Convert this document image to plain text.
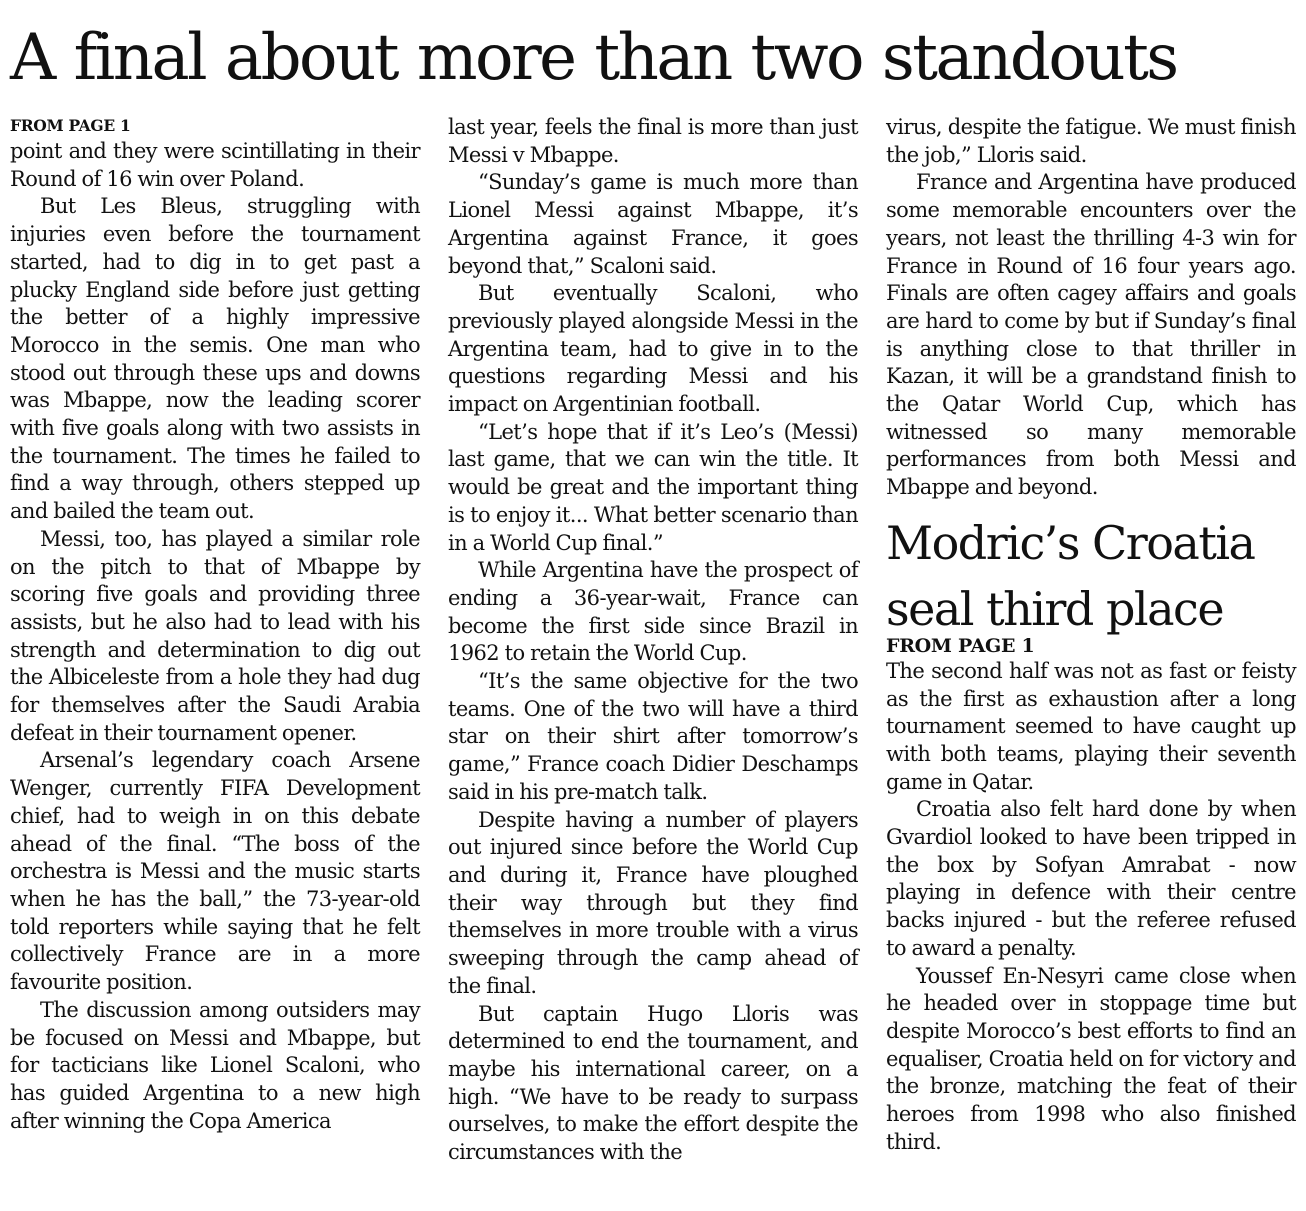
A final about more than two standouts
FROM PAGE 1

point and they were scintillating in their Round of 16 win over Poland.

But Les Bleus, struggling with injuries even before the tournament started, had to dig in to get past a plucky England side before just getting the better of a highly impressive Morocco in the semis. One man who stood out through these ups and downs was Mbappe, now the leading scorer with five goals along with two assists in the tournament. The times he failed to find a way through, others stepped up and bailed the team out.

Messi, too, has played a similar role on the pitch to that of Mbappe by scoring five goals and providing three assists, but he also had to lead with his strength and determination to dig out the Albiceleste from a hole they had dug for themselves after the Saudi Arabia defeat in their tournament opener.

Arsenal’s legendary coach Arsene Wenger, currently FIFA Development chief, had to weigh in on this debate ahead of the final. “The boss of the orchestra is Messi and the music starts when he has the ball,” the 73-year-old told reporters while saying that he felt collectively France are in a more favourite position.

The discussion among outsiders may be focused on Messi and Mbappe, but for tacticians like Lionel Scaloni, who has guided Argentina to a new high after winning the Copa America

last year, feels the final is more than just Messi v Mbappe.

“Sunday’s game is much more than Lionel Messi against Mbappe, it’s Argentina against France, it goes beyond that,” Scaloni said.

But eventually Scaloni, who previously played alongside Messi in the Argentina team, had to give in to the questions regarding Messi and his impact on Argentinian football.

“Let’s hope that if it’s Leo’s (Messi) last game, that we can win the title. It would be great and the important thing is to enjoy it... What better scenario than in a World Cup final.”

While Argentina have the prospect of ending a 36-year-wait, France can become the first side since Brazil in 1962 to retain the World Cup.

“It’s the same objective for the two teams. One of the two will have a third star on their shirt after tomorrow’s game,” France coach Didier Deschamps said in his pre-match talk.

Despite having a number of players out injured since before the World Cup and during it, France have ploughed their way through but they find themselves in more trouble with a virus sweeping through the camp ahead of the final.

But captain Hugo Lloris was determined to end the tournament, and maybe his international career, on a high. “We have to be ready to surpass ourselves, to make the effort despite the circumstances with the

virus, despite the fatigue. We must finish the job,” Lloris said.

France and Argentina have produced some memorable encounters over the years, not least the thrilling 4-3 win for France in Round of 16 four years ago. Finals are often cagey affairs and goals are hard to come by but if Sunday’s final is anything close to that thriller in Kazan, it will be a grandstand finish to the Qatar World Cup, which has witnessed so many memorable performances from both Messi and Mbappe and beyond.

Modric’s Croatia seal third place
FROM PAGE 1

The second half was not as fast or feisty as the first as exhaustion after a long tournament seemed to have caught up with both teams, playing their seventh game in Qatar.

Croatia also felt hard done by when Gvardiol looked to have been tripped in the box by Sofyan Amrabat - now playing in defence with their centre backs injured - but the referee refused to award a penalty.

Youssef En-Nesyri came close when he headed over in stoppage time but despite Morocco’s best efforts to find an equaliser, Croatia held on for victory and the bronze, matching the feat of their heroes from 1998 who also finished third.
